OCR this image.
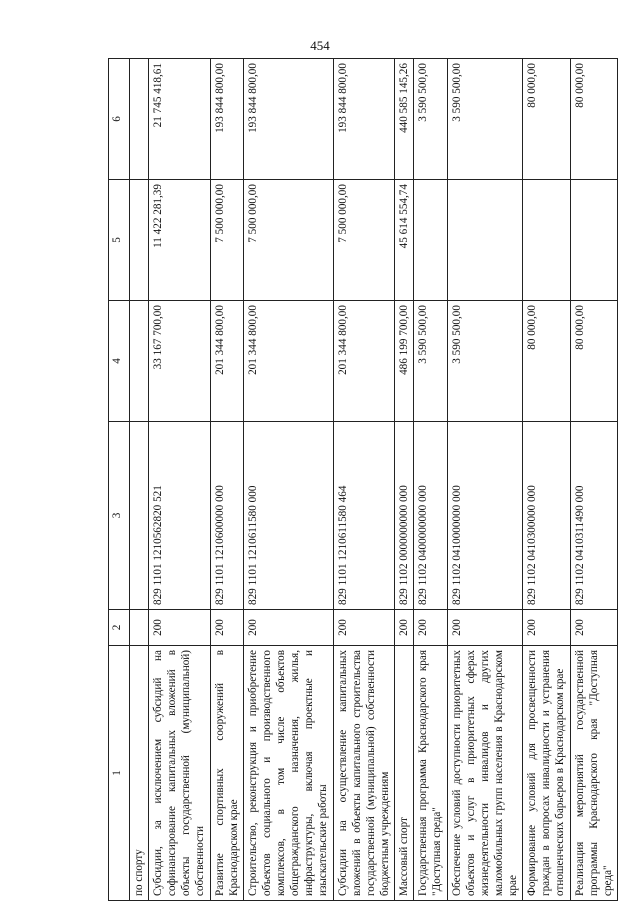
454
1	2	3	4	5	6
по спорту					
Субсидии, за исключением субсидий на софинансирование капитальных вложений в объекты государственной (муниципальной) собственности	200	829 1101 1210562820 521	33 167 700,00	11 422 281,39	21 745 418,61
Развитие спортивных сооружений в Краснодарском крае	200	829 1101 1210600000 000	201 344 800,00	7 500 000,00	193 844 800,00
Строительство, реконструкция и приобретение объектов социального и производственного комплексов, в том числе объектов общегражданского назначения, жилья, инфраструктуры, включая проектные и изыскательские работы	200	829 1101 1210611580 000	201 344 800,00	7 500 000,00	193 844 800,00
Субсидии на осуществление капитальных вложений в объекты капитального строительства государственной (муниципальной) собственности бюджетным учреждениям	200	829 1101 1210611580 464	201 344 800,00	7 500 000,00	193 844 800,00
Массовый спорт	200	829 1102 0000000000 000	486 199 700,00	45 614 554,74	440 585 145,26
Государственная программа Краснодарского края "Доступная среда"	200	829 1102 0400000000 000	3 590 500,00		3 590 500,00
Обеспечение условий доступности приоритетных объектов и услуг в приоритетных сферах жизнедеятельности инвалидов и других маломобильных групп населения в Краснодарском крае	200	829 1102 0410000000 000	3 590 500,00		3 590 500,00
Формирование условий для просвещенности граждан в вопросах инвалидности и устранения отношенческих барьеров в Краснодарском крае	200	829 1102 0410300000 000	80 000,00		80 000,00
Реализация мероприятий государственной программы Краснодарского края "Доступная среда"	200	829 1102 0410311490 000	80 000,00		80 000,00
